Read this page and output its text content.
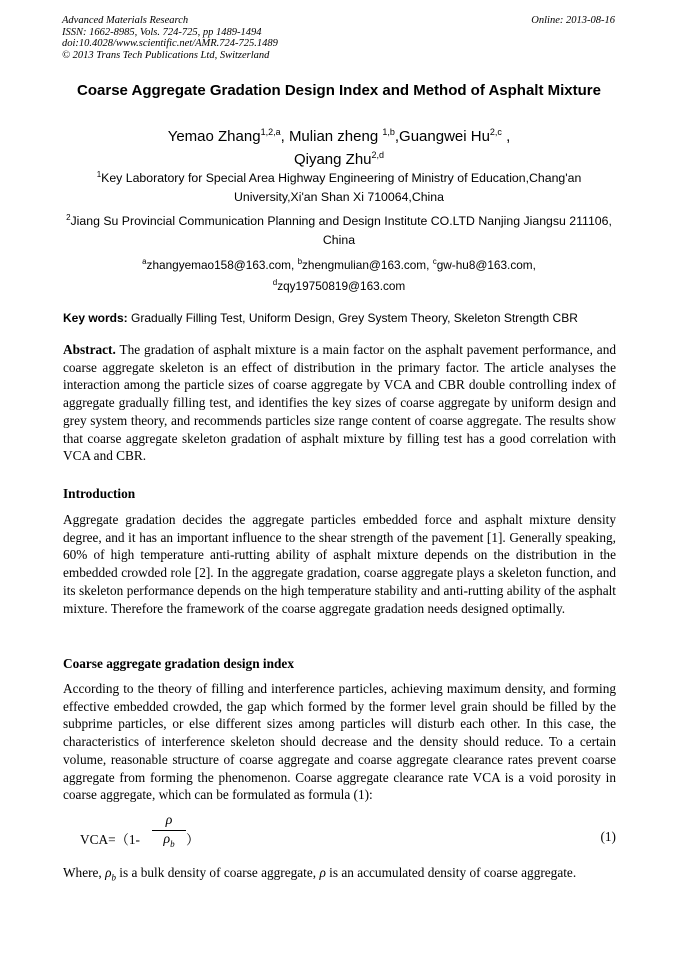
Advanced Materials Research
ISSN: 1662-8985, Vols. 724-725, pp 1489-1494
doi:10.4028/www.scientific.net/AMR.724-725.1489
© 2013 Trans Tech Publications Ltd, Switzerland
Online: 2013-08-16
Coarse Aggregate Gradation Design Index and Method of Asphalt Mixture
Yemao Zhang$^{1,2,a}$, Mulian zheng $^{1,b}$,Guangwei Hu$^{2,c}$ ,
Qiyang Zhu$^{2,d}$
$^1$Key Laboratory for Special Area Highway Engineering of Ministry of Education,Chang'an University,Xi'an Shan Xi 710064,China
$^2$Jiang Su Provincial Communication Planning and Design Institute CO.LTD Nanjing Jiangsu 211106, China
$^a$zhangyemao158@163.com, $^b$zhengmulian@163.com, $^c$gw-hu8@163.com,
$^d$zqy19750819@163.com
Key words: Gradually Filling Test, Uniform Design, Grey System Theory, Skeleton Strength CBR
Abstract. The gradation of asphalt mixture is a main factor on the asphalt pavement performance, and coarse aggregate skeleton is an effect of distribution in the primary factor. The article analyses the interaction among the particle sizes of coarse aggregate by VCA and CBR double controlling index of aggregate gradually filling test, and identifies the key sizes of coarse aggregate by uniform design and grey system theory, and recommends particles size range content of coarse aggregate. The results show that coarse aggregate skeleton gradation of asphalt mixture by filling test has a good correlation with VCA and CBR.
Introduction
Aggregate gradation decides the aggregate particles embedded force and asphalt mixture density degree, and it has an important influence to the shear strength of the pavement [1]. Generally speaking, 60% of high temperature anti-rutting ability of asphalt mixture depends on the distribution in the embedded crowded role [2]. In the aggregate gradation, coarse aggregate plays a skeleton function, and its skeleton performance depends on the high temperature stability and anti-rutting ability of the asphalt mixture. Therefore the framework of the coarse aggregate gradation needs designed optimally.
Coarse aggregate gradation design index
According to the theory of filling and interference particles, achieving maximum density, and forming effective embedded crowded, the gap which formed by the former level grain should be filled by the subprime particles, or else different sizes among particles will disturb each other. In this case, the characteristics of interference skeleton should decrease and the density should reduce. To a certain volume, reasonable structure of coarse aggregate and coarse aggregate clearance rates prevent coarse aggregate from forming the phenomenon. Coarse aggregate clearance rate VCA is a void porosity in coarse aggregate, which can be formulated as formula (1):
VCA=（1-
ρ
$\rho_b$ ）	(1)
Where, $\rho_b$ is a bulk density of coarse aggregate, ρ is an accumulated density of coarse aggregate.
